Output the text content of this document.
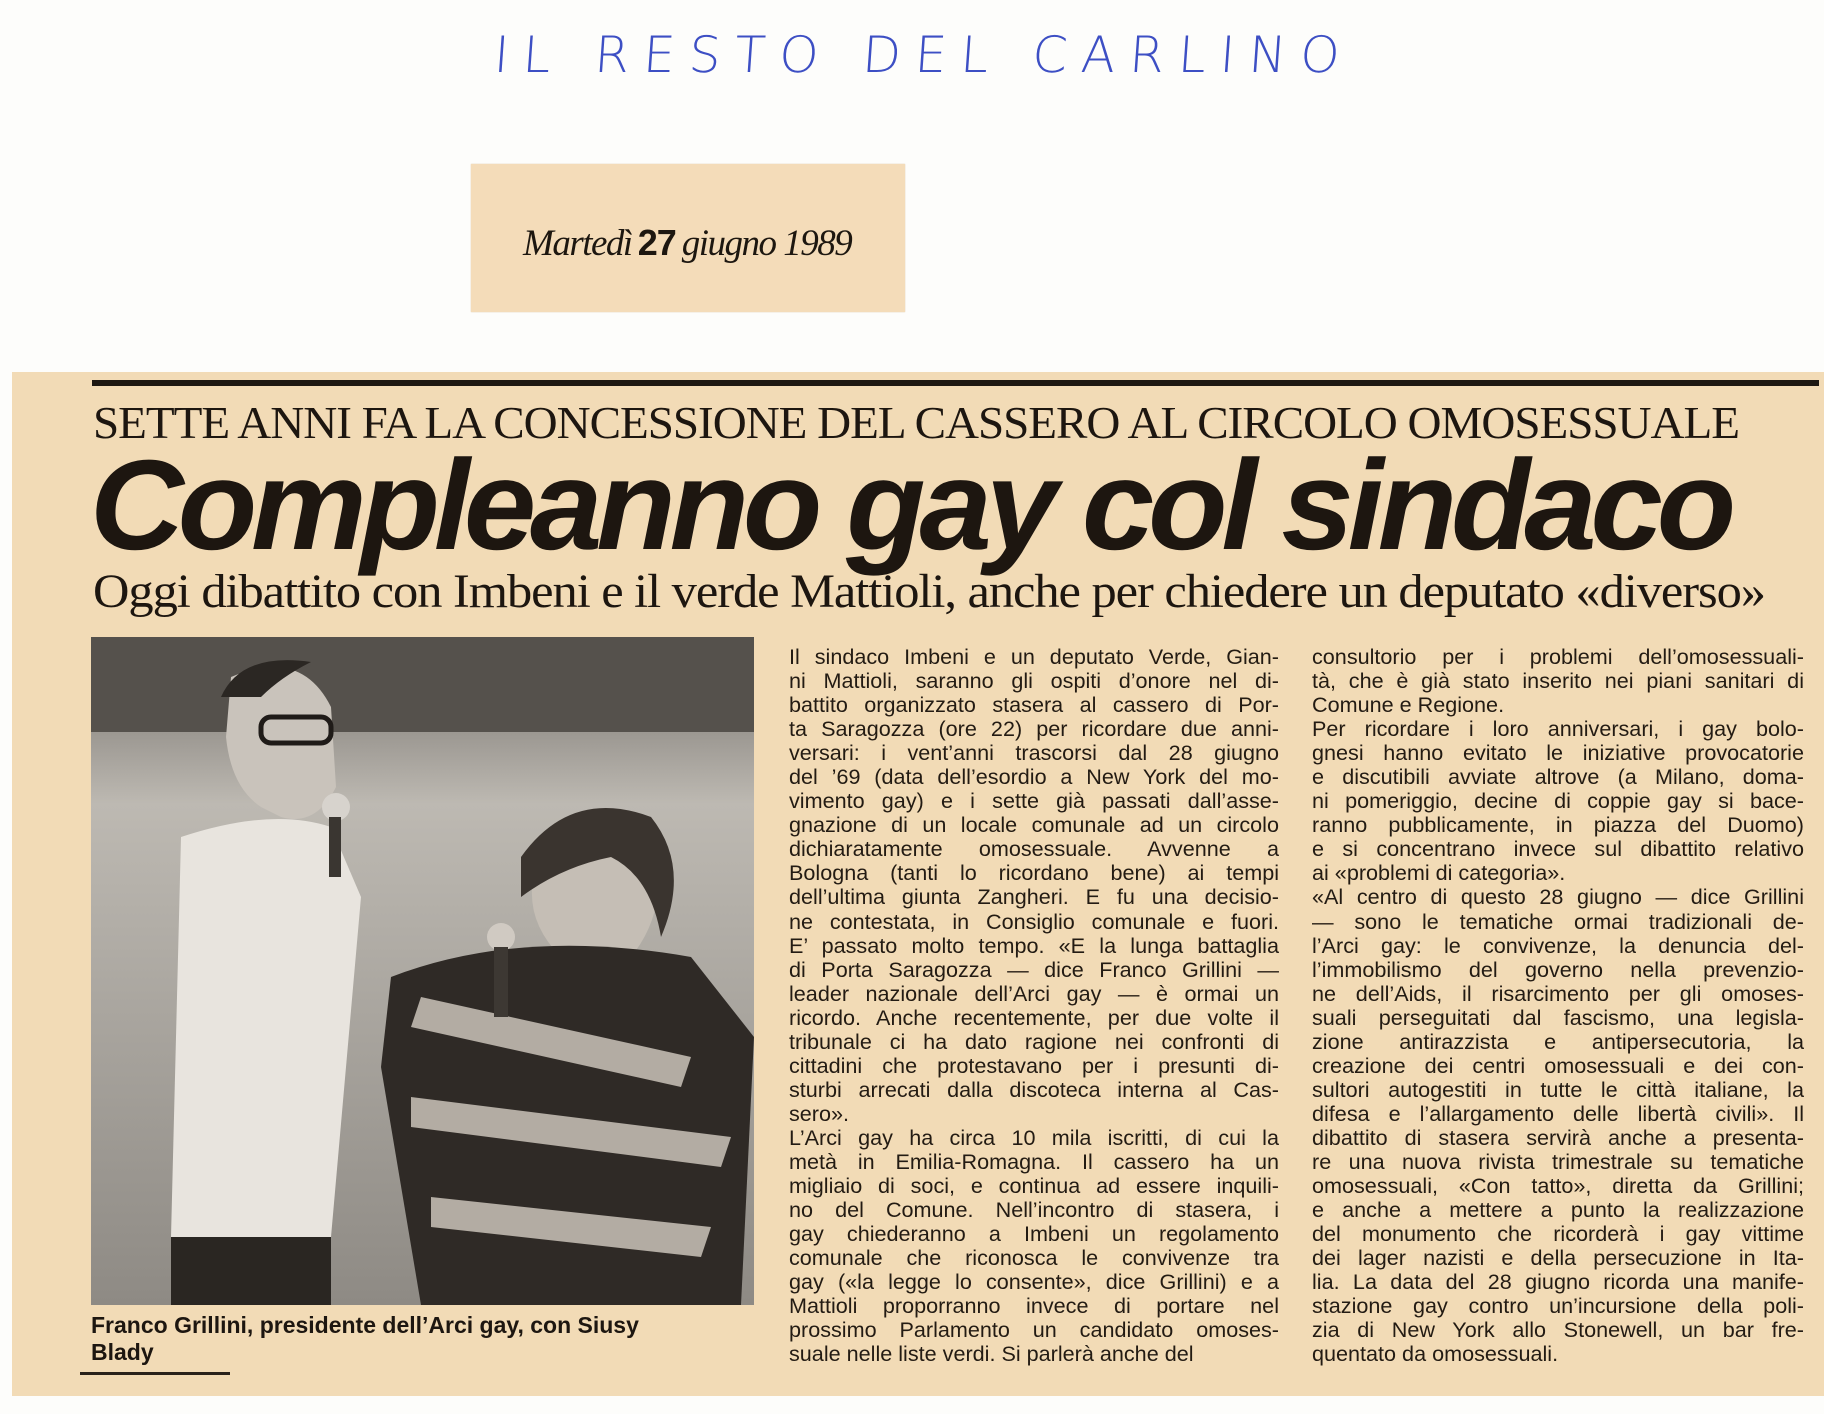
IL RESTO DEL CARLINO
Martedì 27 giugno 1989
SETTE ANNI FA LA CONCESSIONE DEL CASSERO AL CIRCOLO OMOSESSUALE
Compleanno gay col sindaco
Oggi dibattito con Imbeni e il verde Mattioli, anche per chiedere un deputato «diverso»
Franco Grillini, presidente dell’Arci gay, con Siusy
Blady
Il sindaco Imbeni e un deputato Verde, Gian-
ni Mattioli, saranno gli ospiti d’onore nel di-
battito organizzato stasera al cassero di Por-
ta Saragozza (ore 22) per ricordare due anni-
versari: i vent’anni trascorsi dal 28 giugno
del ’69 (data dell’esordio a New York del mo-
vimento gay) e i sette già passati dall’asse-
gnazione di un locale comunale ad un circolo
dichiaratamente omosessuale. Avvenne a
Bologna (tanti lo ricordano bene) ai tempi
dell’ultima giunta Zangheri. E fu una decisio-
ne contestata, in Consiglio comunale e fuori.
E’ passato molto tempo. «E la lunga battaglia
di Porta Saragozza — dice Franco Grillini —
leader nazionale dell’Arci gay — è ormai un
ricordo. Anche recentemente, per due volte il
tribunale ci ha dato ragione nei confronti di
cittadini che protestavano per i presunti di-
sturbi arrecati dalla discoteca interna al Cas-
sero».
L’Arci gay ha circa 10 mila iscritti, di cui la
metà in Emilia-Romagna. Il cassero ha un
migliaio di soci, e continua ad essere inquili-
no del Comune. Nell’incontro di stasera, i
gay chiederanno a Imbeni un regolamento
comunale che riconosca le convivenze tra
gay («la legge lo consente», dice Grillini) e a
Mattioli proporranno invece di portare nel
prossimo Parlamento un candidato omoses-
suale nelle liste verdi. Si parlerà anche del
consultorio per i problemi dell’omosessuali-
tà, che è già stato inserito nei piani sanitari di
Comune e Regione.
Per ricordare i loro anniversari, i gay bolo-
gnesi hanno evitato le iniziative provocatorie
e discutibili avviate altrove (a Milano, doma-
ni pomeriggio, decine di coppie gay si bace-
ranno pubblicamente, in piazza del Duomo)
e si concentrano invece sul dibattito relativo
ai «problemi di categoria».
«Al centro di questo 28 giugno — dice Grillini
— sono le tematiche ormai tradizionali de-
l’Arci gay: le convivenze, la denuncia del-
l’immobilismo del governo nella prevenzio-
ne dell’Aids, il risarcimento per gli omoses-
suali perseguitati dal fascismo, una legisla-
zione antirazzista e antipersecutoria, la
creazione dei centri omosessuali e dei con-
sultori autogestiti in tutte le città italiane, la
difesa e l’allargamento delle libertà civili». Il
dibattito di stasera servirà anche a presenta-
re una nuova rivista trimestrale su tematiche
omosessuali, «Con tatto», diretta da Grillini;
e anche a mettere a punto la realizzazione
del monumento che ricorderà i gay vittime
dei lager nazisti e della persecuzione in Ita-
lia. La data del 28 giugno ricorda una manife-
stazione gay contro un’incursione della poli-
zia di New York allo Stonewell, un bar fre-
quentato da omosessuali.
